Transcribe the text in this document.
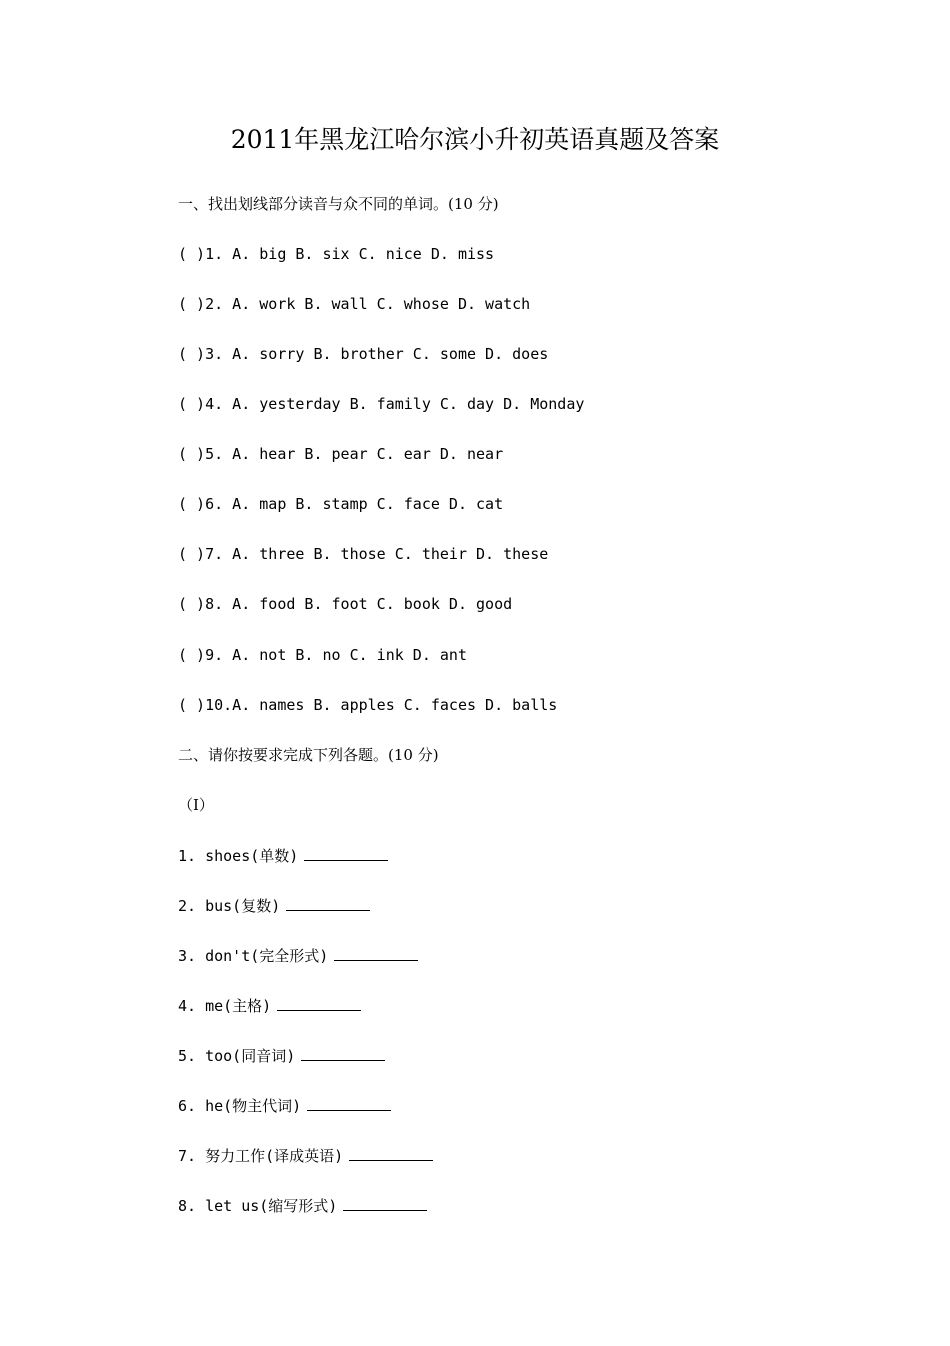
2011年黑龙江哈尔滨小升初英语真题及答案
一、找出划线部分读音与众不同的单词。(10 分)
( )1. A. big B. six C. nice D. miss
( )2. A. work B. wall C. whose D. watch
( )3. A. sorry B. brother C. some D. does
( )4. A. yesterday B. family C. day D. Monday
( )5. A. hear B. pear C. ear D. near
( )6. A. map B. stamp C. face D. cat
( )7. A. three B. those C. their D. these
( )8. A. food B. foot C. book D. good
( )9. A. not B. no C. ink D. ant
( )10.A. names B. apples C. faces D. balls
二、请你按要求完成下列各题。(10 分)
（I）
1. shoes(单数)
2. bus(复数)
3. don't(完全形式)
4. me(主格)
5. too(同音词)
6. he(物主代词)
7. 努力工作(译成英语)
8. let us(缩写形式)
